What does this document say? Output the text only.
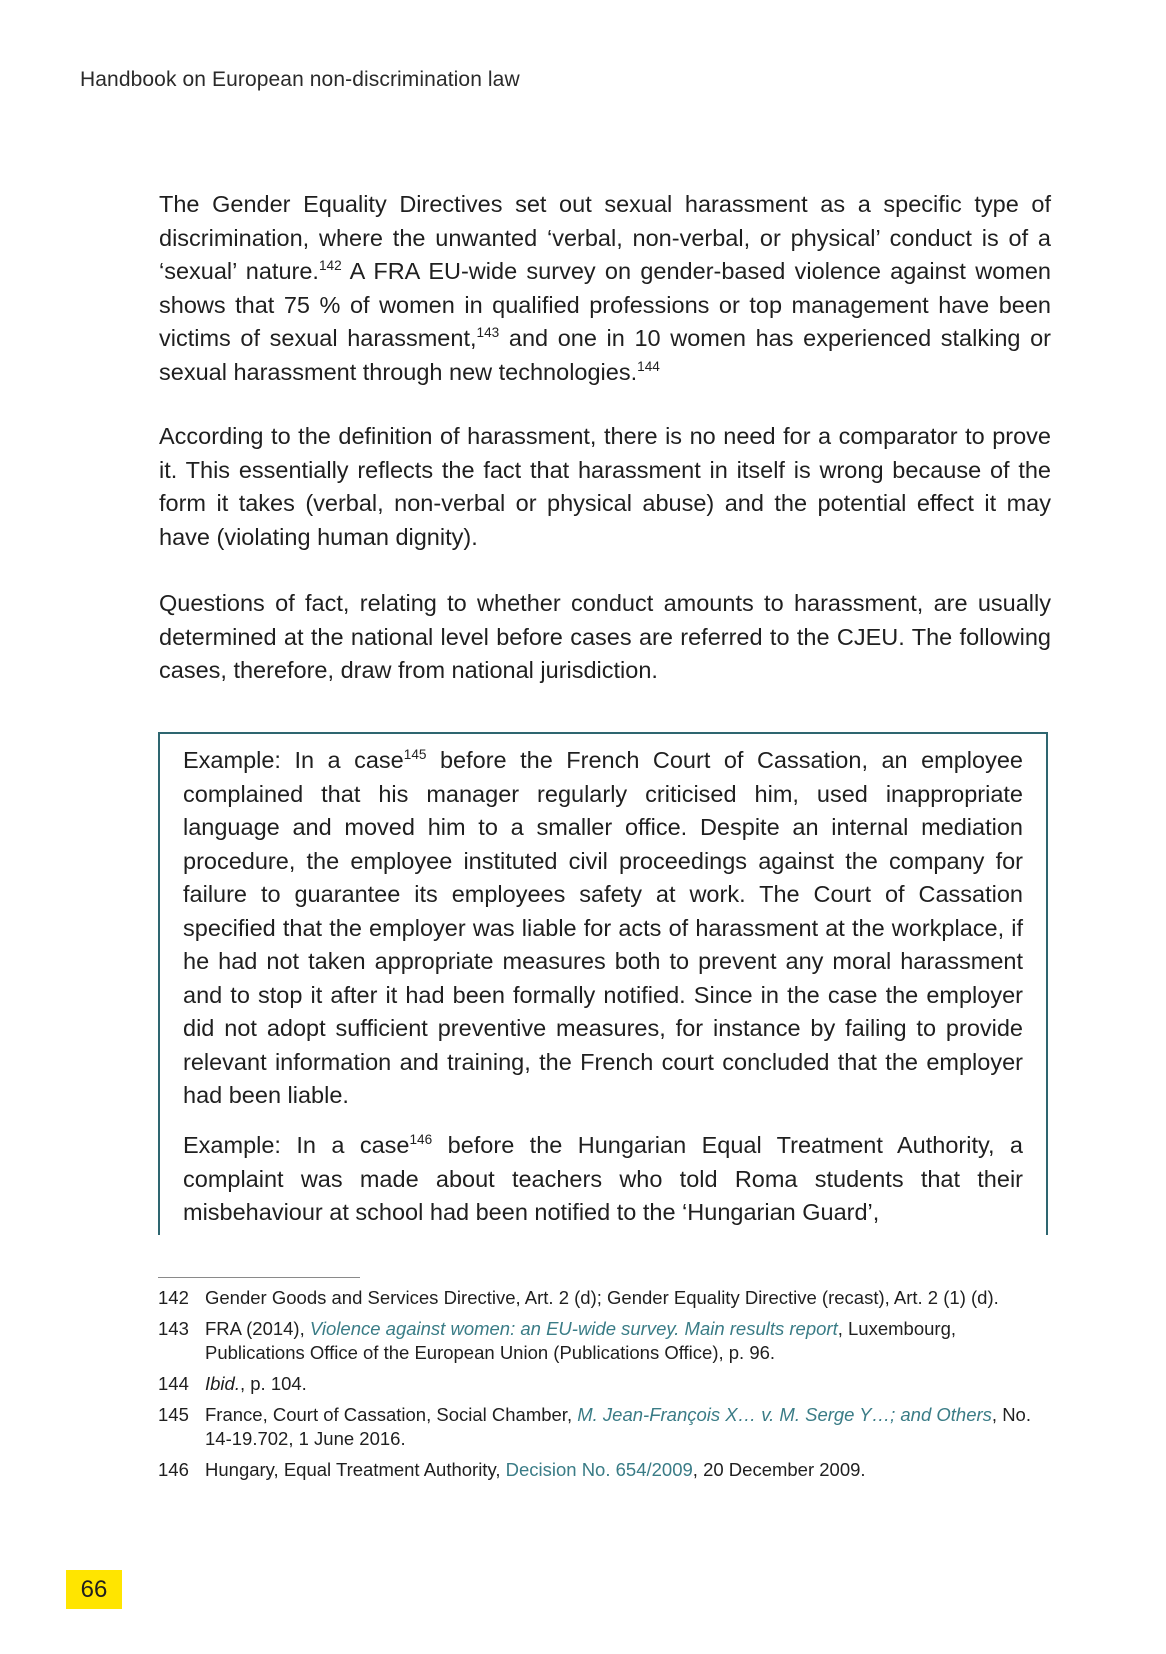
Handbook on European non-discrimination law

The Gender Equality Directives set out sexual harassment as a specific type of discrimination, where the unwanted ‘verbal, non-verbal, or physical’ conduct is of a ‘sexual’ nature.$^{142}$ A FRA EU-wide survey on gender-based violence against women shows that 75 % of women in qualified professions or top management have been victims of sexual harassment,$^{143}$ and one in 10 women has experienced stalking or sexual harassment through new technologies.$^{144}$

According to the definition of harassment, there is no need for a comparator to prove it. This essentially reflects the fact that harassment in itself is wrong because of the form it takes (verbal, non-verbal or physical abuse) and the potential effect it may have (violating human dignity).

Questions of fact, relating to whether conduct amounts to harassment, are usually determined at the national level before cases are referred to the CJEU. The following cases, therefore, draw from national jurisdiction.

Example: In a case$^{145}$ before the French Court of Cassation, an employee complained that his manager regularly criticised him, used inappropriate language and moved him to a smaller office. Despite an internal mediation procedure, the employee instituted civil proceedings against the company for failure to guarantee its employees safety at work. The Court of Cassation specified that the employer was liable for acts of harassment at the workplace, if he had not taken appropriate measures both to prevent any moral harassment and to stop it after it had been formally notified. Since in the case the employer did not adopt sufficient preventive measures, for instance by failing to provide relevant information and training, the French court concluded that the employer had been liable.

Example: In a case$^{146}$ before the Hungarian Equal Treatment Authority, a complaint was made about teachers who told Roma students that their misbehaviour at school had been notified to the ‘Hungarian Guard’,

142 Gender Goods and Services Directive, Art. 2 (d); Gender Equality Directive (recast), Art. 2 (1) (d).
143 FRA (2014), Violence against women: an EU-wide survey. Main results report, Luxembourg, Publications Office of the European Union (Publications Office), p. 96.
144 Ibid., p. 104.
145 France, Court of Cassation, Social Chamber, M. Jean-François X… v. M. Serge Y…; and Others, No. 14-19.702, 1 June 2016.
146 Hungary, Equal Treatment Authority, Decision No. 654/2009, 20 December 2009.
66
